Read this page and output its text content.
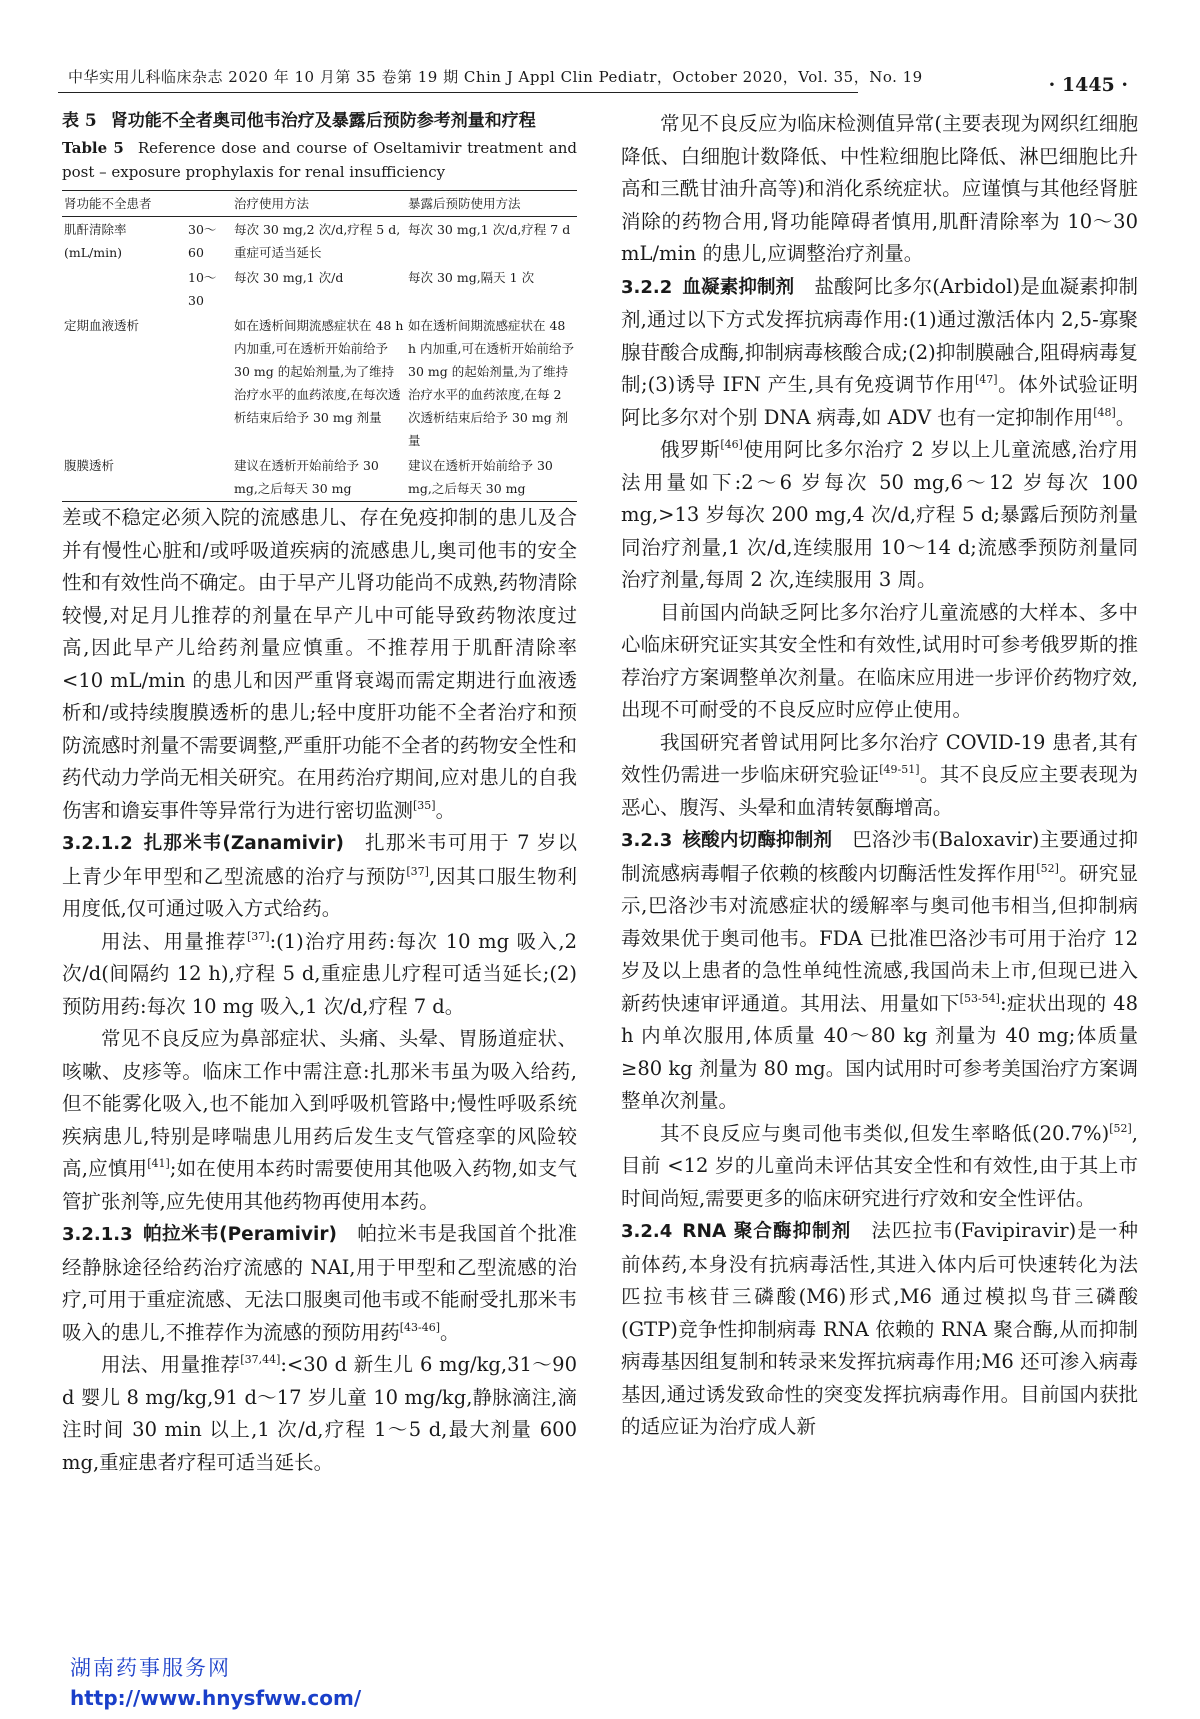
中华实用儿科临床杂志 2020 年 10 月第 35 卷第 19 期 Chin J Appl Clin Pediatr，October 2020，Vol. 35，No. 19	· 1445 ·
表 5 肾功能不全者奥司他韦治疗及暴露后预防参考剂量和疗程
Table 5 Reference dose and course of Oseltamivir treatment and post – exposure prophylaxis for renal insufficiency
肾功能不全患者		治疗使用方法	暴露后预防使用方法
肌酐清除率(mL/min)	30～60	每次 30 mg,2 次/d,疗程 5 d,重症可适当延长	每次 30 mg,1 次/d,疗程 7 d
	10～30	每次 30 mg,1 次/d	每次 30 mg,隔天 1 次
定期血液透析		如在透析间期流感症状在 48 h 内加重,可在透析开始前给予 30 mg 的起始剂量,为了维持治疗水平的血药浓度,在每次透析结束后给予 30 mg 剂量	如在透析间期流感症状在 48 h 内加重,可在透析开始前给予 30 mg 的起始剂量,为了维持治疗水平的血药浓度,在每 2 次透析结束后给予 30 mg 剂量
腹膜透析		建议在透析开始前给予 30 mg,之后每天 30 mg	建议在透析开始前给予 30 mg,之后每天 30 mg

差或不稳定必须入院的流感患儿、存在免疫抑制的患儿及合并有慢性心脏和/或呼吸道疾病的流感患儿,奥司他韦的安全性和有效性尚不确定。由于早产儿肾功能尚不成熟,药物清除较慢,对足月儿推荐的剂量在早产儿中可能导致药物浓度过高,因此早产儿给药剂量应慎重。不推荐用于肌酐清除率 <10 mL/min 的患儿和因严重肾衰竭而需定期进行血液透析和/或持续腹膜透析的患儿;轻中度肝功能不全者治疗和预防流感时剂量不需要调整,严重肝功能不全者的药物安全性和药代动力学尚无相关研究。在用药治疗期间,应对患儿的自我伤害和谵妄事件等异常行为进行密切监测[35]。

3.2.1.2 扎那米韦(Zanamivir) 扎那米韦可用于 7 岁以上青少年甲型和乙型流感的治疗与预防[37],因其口服生物利用度低,仅可通过吸入方式给药。

用法、用量推荐[37]:(1)治疗用药:每次 10 mg 吸入,2 次/d(间隔约 12 h),疗程 5 d,重症患儿疗程可适当延长;(2)预防用药:每次 10 mg 吸入,1 次/d,疗程 7 d。

常见不良反应为鼻部症状、头痛、头晕、胃肠道症状、咳嗽、皮疹等。临床工作中需注意:扎那米韦虽为吸入给药,但不能雾化吸入,也不能加入到呼吸机管路中;慢性呼吸系统疾病患儿,特别是哮喘患儿用药后发生支气管痉挛的风险较高,应慎用[41];如在使用本药时需要使用其他吸入药物,如支气管扩张剂等,应先使用其他药物再使用本药。

3.2.1.3 帕拉米韦(Peramivir) 帕拉米韦是我国首个批准经静脉途径给药治疗流感的 NAI,用于甲型和乙型流感的治疗,可用于重症流感、无法口服奥司他韦或不能耐受扎那米韦吸入的患儿,不推荐作为流感的预防用药[43-46]。

用法、用量推荐[37,44]:<30 d 新生儿 6 mg/kg,31～90 d 婴儿 8 mg/kg,91 d～17 岁儿童 10 mg/kg,静脉滴注,滴注时间 30 min 以上,1 次/d,疗程 1～5 d,最大剂量 600 mg,重症患者疗程可适当延长。

常见不良反应为临床检测值异常(主要表现为网织红细胞降低、白细胞计数降低、中性粒细胞比降低、淋巴细胞比升高和三酰甘油升高等)和消化系统症状。应谨慎与其他经肾脏消除的药物合用,肾功能障碍者慎用,肌酐清除率为 10～30 mL/min 的患儿,应调整治疗剂量。

3.2.2 血凝素抑制剂 盐酸阿比多尔(Arbidol)是血凝素抑制剂,通过以下方式发挥抗病毒作用:(1)通过激活体内 2,5-寡聚腺苷酸合成酶,抑制病毒核酸合成;(2)抑制膜融合,阻碍病毒复制;(3)诱导 IFN 产生,具有免疫调节作用[47]。体外试验证明阿比多尔对个别 DNA 病毒,如 ADV 也有一定抑制作用[48]。

俄罗斯[46]使用阿比多尔治疗 2 岁以上儿童流感,治疗用法用量如下:2～6 岁每次 50 mg,6～12 岁每次 100 mg,>13 岁每次 200 mg,4 次/d,疗程 5 d;暴露后预防剂量同治疗剂量,1 次/d,连续服用 10～14 d;流感季预防剂量同治疗剂量,每周 2 次,连续服用 3 周。

目前国内尚缺乏阿比多尔治疗儿童流感的大样本、多中心临床研究证实其安全性和有效性,试用时可参考俄罗斯的推荐治疗方案调整单次剂量。在临床应用进一步评价药物疗效,出现不可耐受的不良反应时应停止使用。

我国研究者曾试用阿比多尔治疗 COVID-19 患者,其有效性仍需进一步临床研究验证[49-51]。其不良反应主要表现为恶心、腹泻、头晕和血清转氨酶增高。

3.2.3 核酸内切酶抑制剂 巴洛沙韦(Baloxavir)主要通过抑制流感病毒帽子依赖的核酸内切酶活性发挥作用[52]。研究显示,巴洛沙韦对流感症状的缓解率与奥司他韦相当,但抑制病毒效果优于奥司他韦。FDA 已批准巴洛沙韦可用于治疗 12 岁及以上患者的急性单纯性流感,我国尚未上市,但现已进入新药快速审评通道。其用法、用量如下[53-54]:症状出现的 48 h 内单次服用,体质量 40～80 kg 剂量为 40 mg;体质量≥80 kg 剂量为 80 mg。国内试用时可参考美国治疗方案调整单次剂量。

其不良反应与奥司他韦类似,但发生率略低(20.7%)[52],目前 <12 岁的儿童尚未评估其安全性和有效性,由于其上市时间尚短,需要更多的临床研究进行疗效和安全性评估。

3.2.4 RNA 聚合酶抑制剂 法匹拉韦(Favipiravir)是一种前体药,本身没有抗病毒活性,其进入体内后可快速转化为法匹拉韦核苷三磷酸(M6)形式,M6 通过模拟鸟苷三磷酸(GTP)竞争性抑制病毒 RNA 依赖的 RNA 聚合酶,从而抑制病毒基因组复制和转录来发挥抗病毒作用;M6 还可渗入病毒基因,通过诱发致命性的突变发挥抗病毒作用。目前国内获批的适应证为治疗成人新

湖南药事服务网
http://www.hnysfww.com/
